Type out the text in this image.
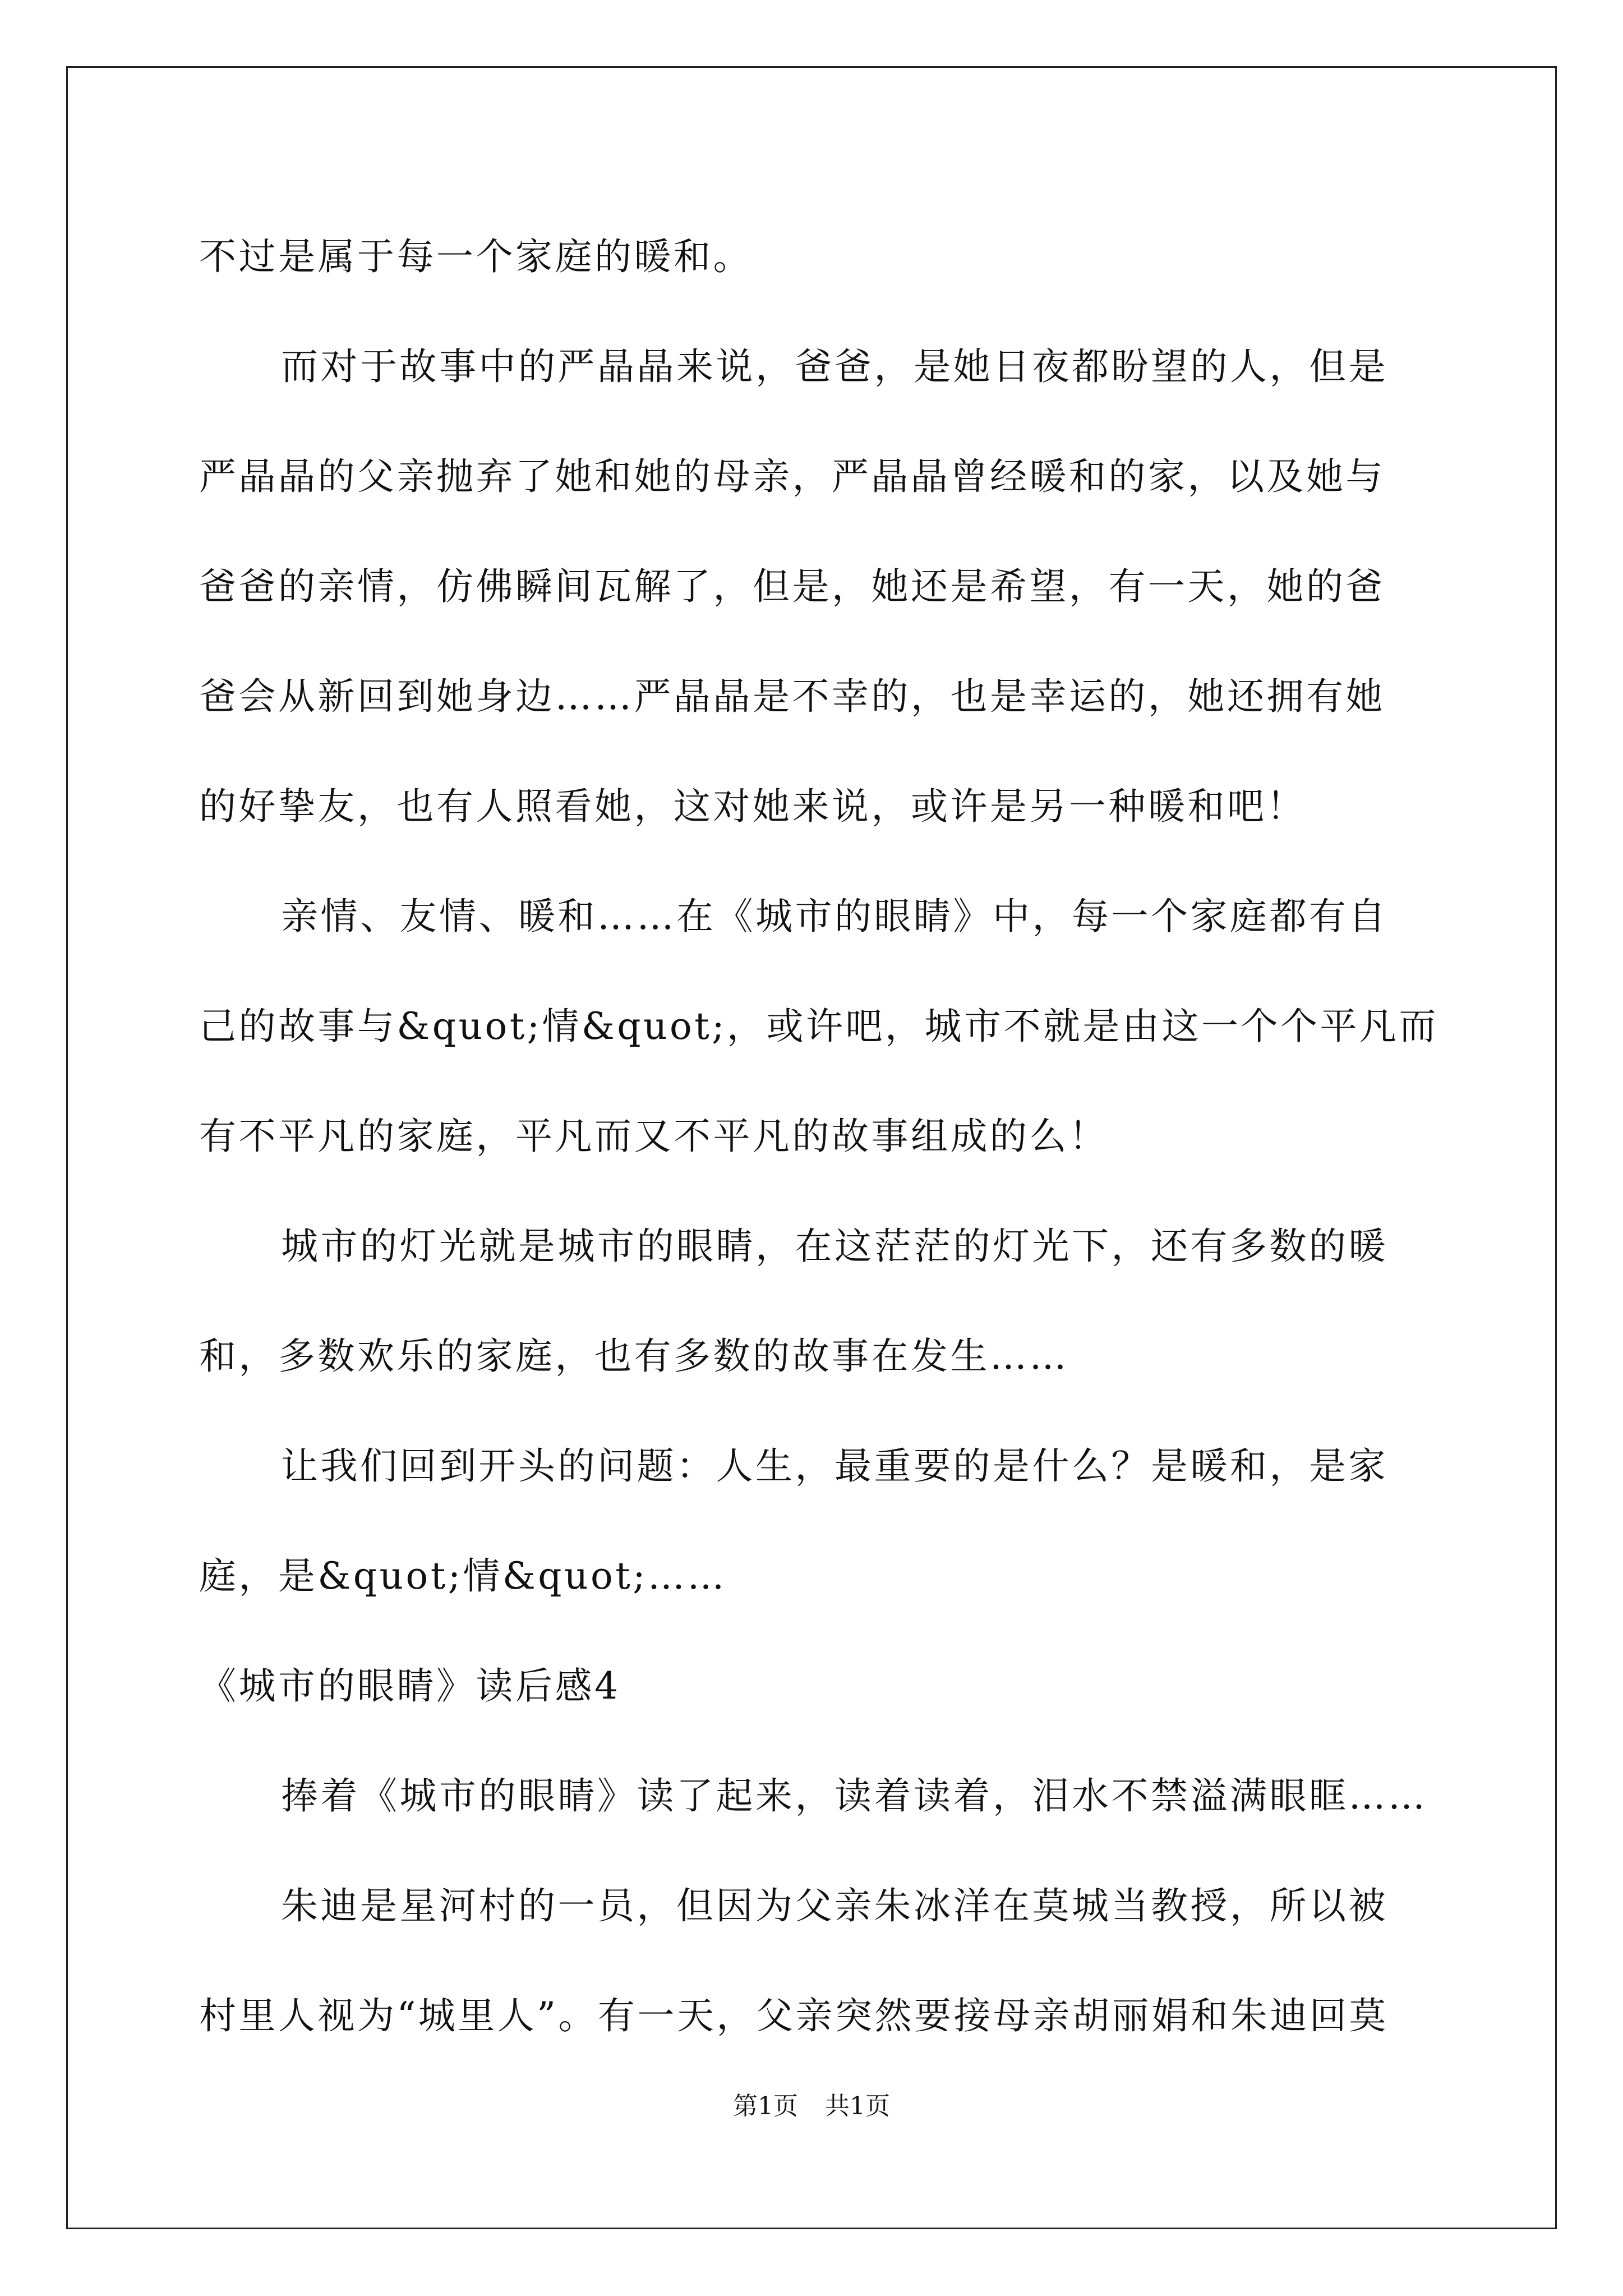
不过是属于每一个家庭的暖和。
而对于故事中的严晶晶来说，爸爸，是她日夜都盼望的人，但是
严晶晶的父亲抛弃了她和她的母亲，严晶晶曾经暖和的家，以及她与
爸爸的亲情，仿佛瞬间瓦解了，但是，她还是希望，有一天，她的爸
爸会从新回到她身边……严晶晶是不幸的，也是幸运的，她还拥有她
的好挚友，也有人照看她，这对她来说，或许是另一种暖和吧！
亲情、友情、暖和……在《城市的眼睛》中，每一个家庭都有自
己的故事与&quot;情&quot;，或许吧，城市不就是由这一个个平凡而
有不平凡的家庭，平凡而又不平凡的故事组成的么！
城市的灯光就是城市的眼睛，在这茫茫的灯光下，还有多数的暖
和，多数欢乐的家庭，也有多数的故事在发生……
让我们回到开头的问题：人生，最重要的是什么？是暖和，是家
庭，是&quot;情&quot;……
《城市的眼睛》读后感4
捧着《城市的眼睛》读了起来，读着读着，泪水不禁溢满眼眶……
朱迪是星河村的一员，但因为父亲朱冰洋在莫城当教授，所以被
村里人视为“城里人”。有一天，父亲突然要接母亲胡丽娟和朱迪回莫
第1页 共1页
